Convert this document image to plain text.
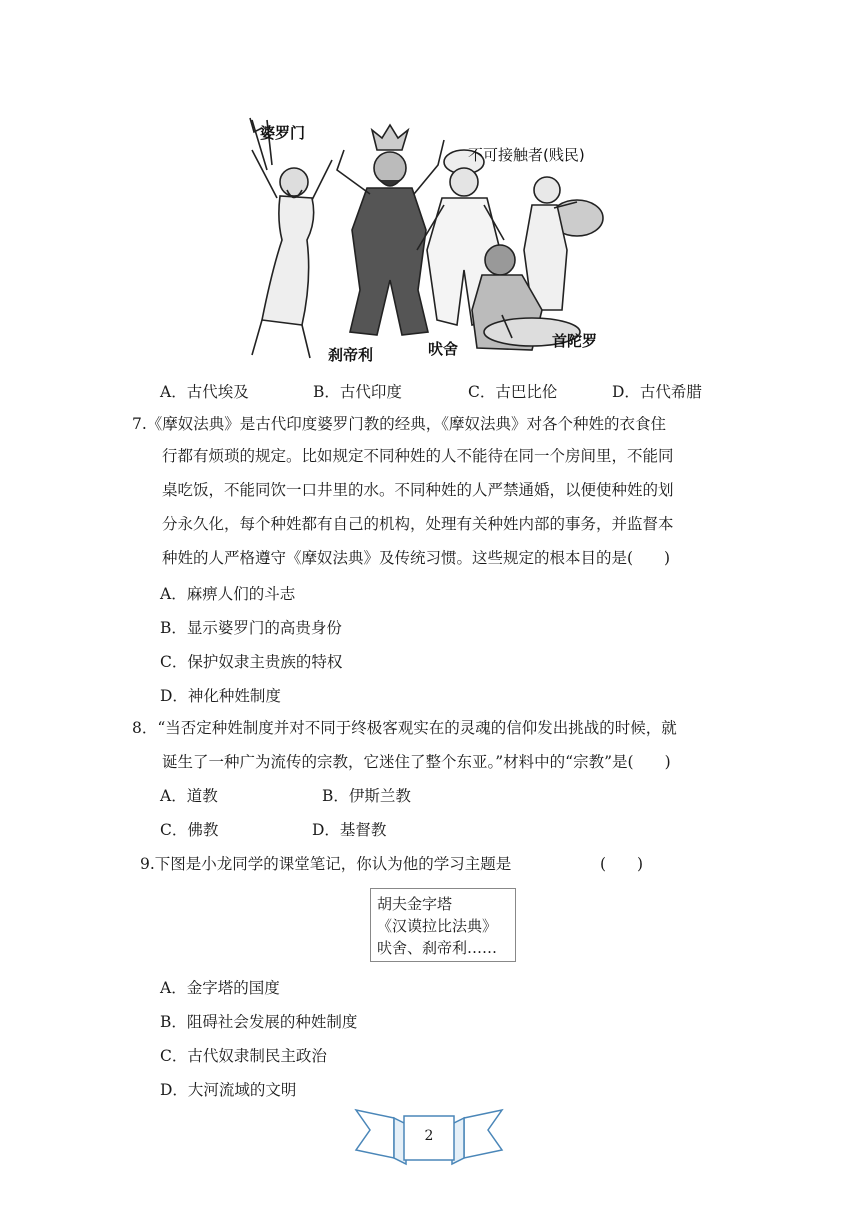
婆罗门
不可接触者(贱民)
刹帝利	吠舍	首陀罗
A．古代埃及	B．古代印度	C．古巴比伦	D．古代希腊
7.《摩奴法典》是古代印度婆罗门教的经典，《摩奴法典》对各个种姓的衣食住
行都有烦琐的规定。比如规定不同种姓的人不能待在同一个房间里，不能同
桌吃饭，不能同饮一口井里的水。不同种姓的人严禁通婚，以便使种姓的划
分永久化，每个种姓都有自己的机构，处理有关种姓内部的事务，并监督本
种姓的人严格遵守《摩奴法典》及传统习惯。这些规定的根本目的是(　　)
A．麻痹人们的斗志
B．显示婆罗门的高贵身份
C．保护奴隶主贵族的特权
D．神化种姓制度
8．“当否定种姓制度并对不同于终极客观实在的灵魂的信仰发出挑战的时候，就
诞生了一种广为流传的宗教，它迷住了整个东亚。”材料中的“宗教”是(　　)
A．道教	B．伊斯兰教
C．佛教	D．基督教
9.下图是小龙同学的课堂笔记，你认为他的学习主题是	(　　)
胡夫金字塔
《汉谟拉比法典》
吠舍、刹帝利……
A．金字塔的国度
B．阻碍社会发展的种姓制度
C．古代奴隶制民主政治
D．大河流域的文明
2
